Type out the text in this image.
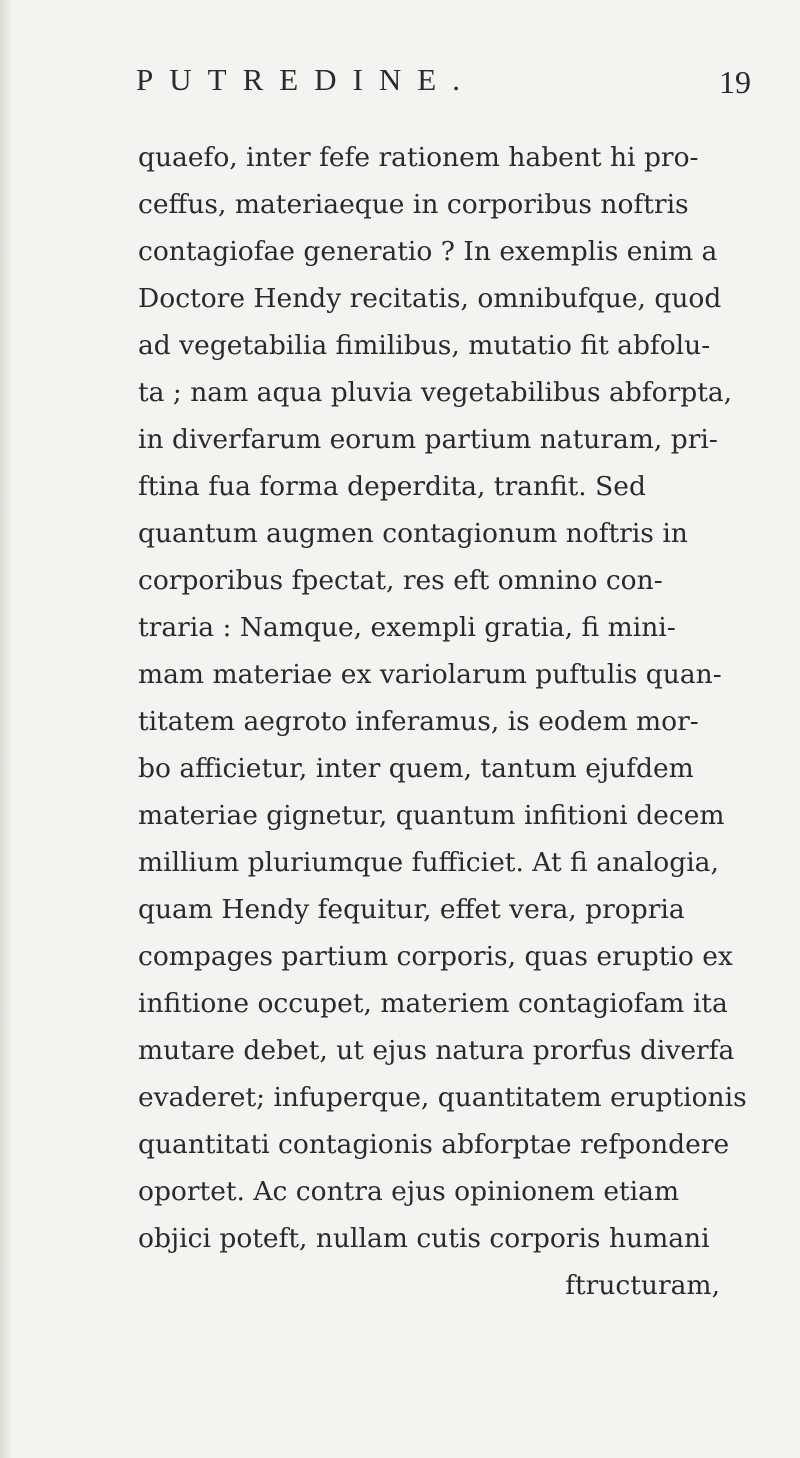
PUTREDINE.	19
quaefo, inter fefe rationem habent hi pro-
ceffus, materiaeque in corporibus noftris
contagiofae generatio ? In exemplis enim a
Doctore Hendy recitatis, omnibufque, quod
ad vegetabilia fimilibus, mutatio fit abfolu-
ta ; nam aqua pluvia vegetabilibus abforpta,
in diverfarum eorum partium naturam, pri-
ftina fua forma deperdita, tranfit. Sed
quantum augmen contagionum noftris in
corporibus fpectat, res eft omnino con-
traria : Namque, exempli gratia, fi mini-
mam materiae ex variolarum puftulis quan-
titatem aegroto inferamus, is eodem mor-
bo afficietur, inter quem, tantum ejufdem
materiae gignetur, quantum infitioni decem
millium pluriumque fufficiet. At fi analogia,
quam Hendy fequitur, effet vera, propria
compages partium corporis, quas eruptio ex
infitione occupet, materiem contagiofam ita
mutare debet, ut ejus natura prorfus diverfa
evaderet; infuperque, quantitatem eruptionis
quantitati contagionis abforptae refpondere
oportet. Ac contra ejus opinionem etiam
objici poteft, nullam cutis corporis humani
ftructuram,
